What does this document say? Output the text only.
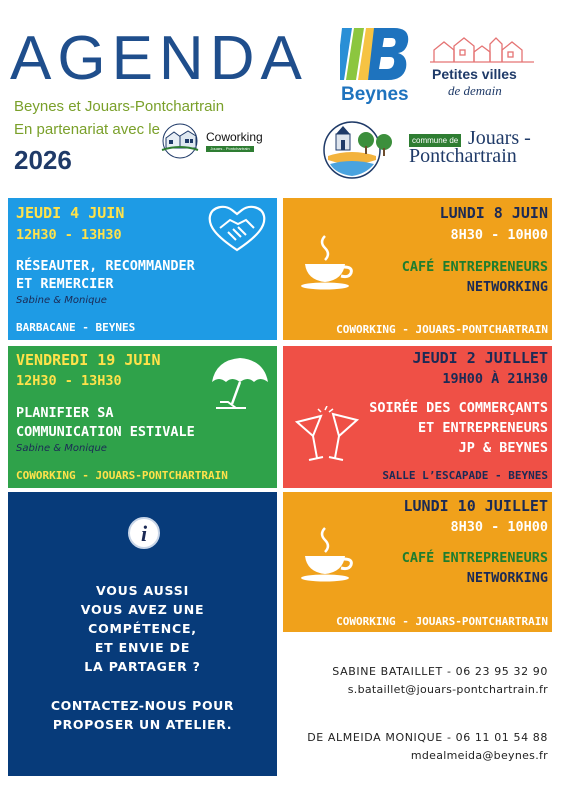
AGENDA
Beynes et Jouars-Pontchartrain
En partenariat avec le
2026
Coworking
Jouars - Pontchartrain
Beynes
Petites villes
de demain
commune de Jouars -
Pontchartrain
JEUDI 4 JUIN
12H30 - 13H30
RÉSEAUTER, RECOMMANDER
ET REMERCIER
Sabine & Monique
BARBACANE - BEYNES
LUNDI 8 JUIN
8H30 - 10H00
CAFÉ ENTREPRENEURS
NETWORKING
COWORKING - JOUARS-PONTCHARTRAIN
VENDREDI 19 JUIN
12H30 - 13H30
PLANIFIER SA
COMMUNICATION ESTIVALE
Sabine & Monique
COWORKING - JOUARS-PONTCHARTRAIN
JEUDI 2 JUILLET
19H00 À 21H30
SOIRÉE DES COMMERÇANTS
ET ENTREPRENEURS
JP & BEYNES
SALLE L’ESCAPADE - BEYNES
i
VOUS AUSSI
VOUS AVEZ UNE
COMPÉTENCE,
ET ENVIE DE
LA PARTAGER ?
CONTACTEZ-NOUS POUR
PROPOSER UN ATELIER.
LUNDI 10 JUILLET
8H30 - 10H00
CAFÉ ENTREPRENEURS
NETWORKING
COWORKING - JOUARS-PONTCHARTRAIN
SABINE BATAILLET - 06 23 95 32 90
s.bataillet@jouars-pontchartrain.fr
DE ALMEIDA MONIQUE - 06 11 01 54 88
mdealmeida@beynes.fr
